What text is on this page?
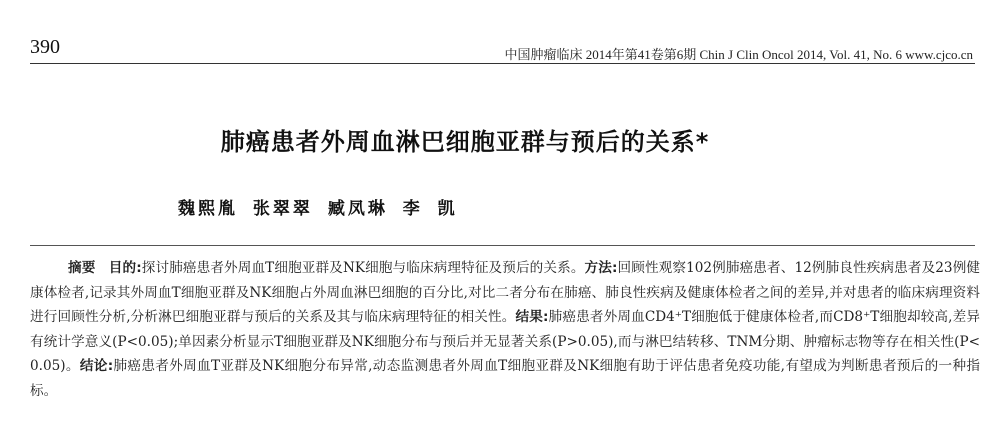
390	中国肿瘤临床 2014年第41卷第6期 Chin J Clin Oncol 2014, Vol. 41, No. 6 www.cjco.cn
肺癌患者外周血淋巴细胞亚群与预后的关系*
魏熙胤 张翠翠 臧凤琳 李 凯
摘要 目的:探讨肺癌患者外周血T细胞亚群及NK细胞与临床病理特征及预后的关系。方法:回顾性观察102例肺癌患者、12例肺良性疾病患者及23例健康体检者,记录其外周血T细胞亚群及NK细胞占外周血淋巴细胞的百分比,对比二者分布在肺癌、肺良性疾病及健康体检者之间的差异,并对患者的临床病理资料进行回顾性分析,分析淋巴细胞亚群与预后的关系及其与临床病理特征的相关性。结果:肺癌患者外周血CD4⁺T细胞低于健康体检者,而CD8⁺T细胞却较高,差异有统计学意义(P<0.05);单因素分析显示T细胞亚群及NK细胞分布与预后并无显著关系(P>0.05),而与淋巴结转移、TNM分期、肿瘤标志物等存在相关性(P<0.05)。结论:肺癌患者外周血T亚群及NK细胞分布异常,动态监测患者外周血T细胞亚群及NK细胞有助于评估患者免疫功能,有望成为判断患者预后的一种指标。
